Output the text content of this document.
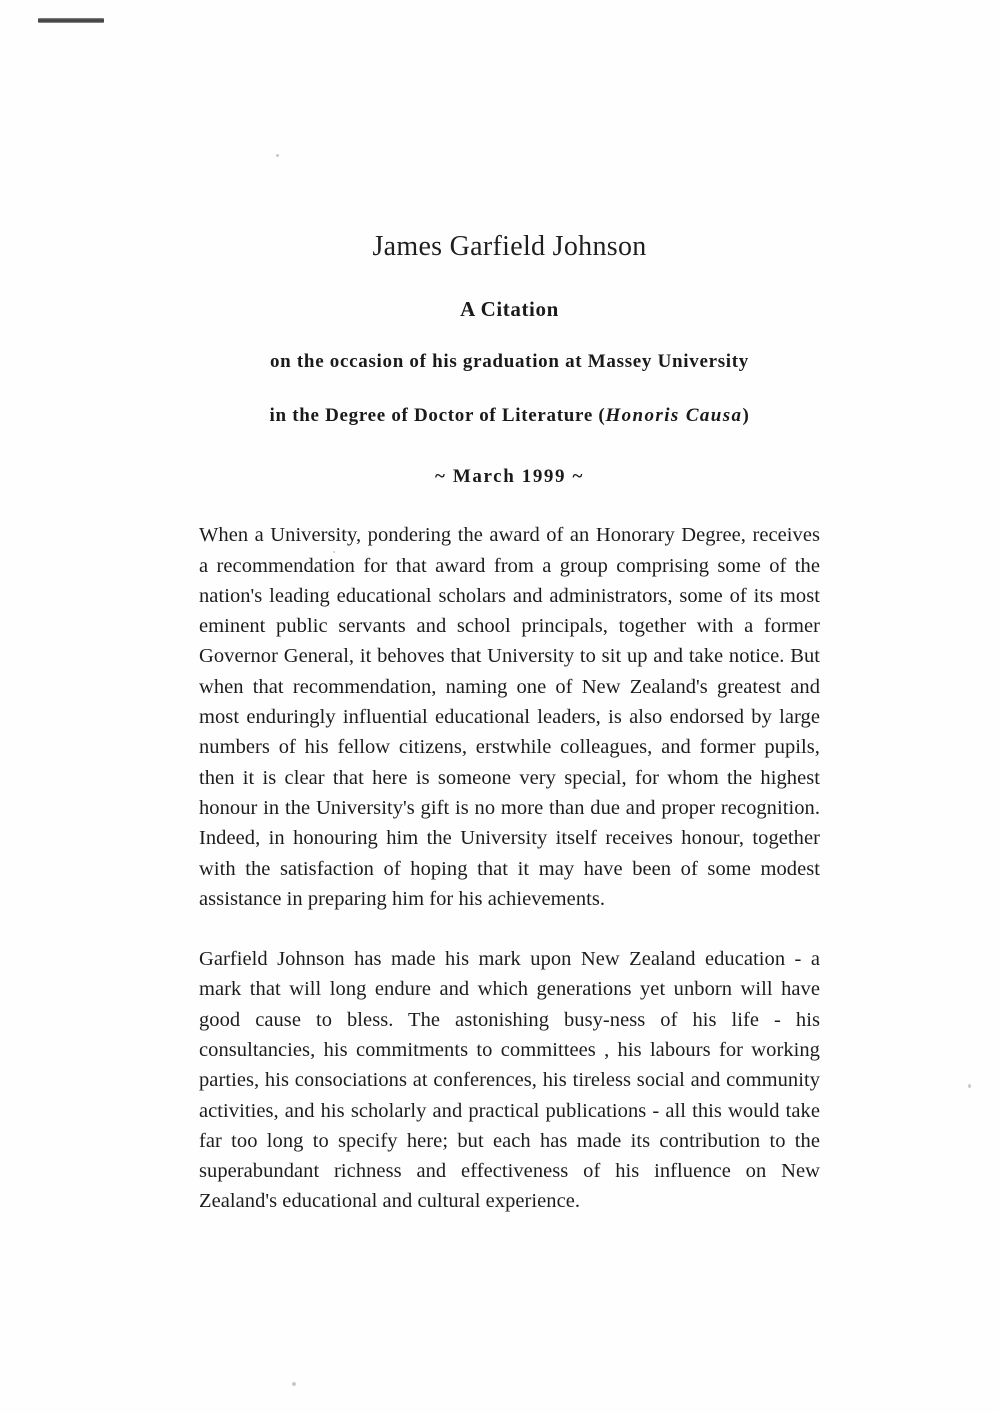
James Garfield Johnson

A Citation

on the occasion of his graduation at Massey University

in the Degree of Doctor of Literature (Honoris Causa)

~ March 1999 ~

When a University, pondering the award of an Honorary Degree, receives a recommendation for that award from a group comprising some of the nation's leading educational scholars and administrators, some of its most eminent public servants and school principals, together with a former Governor General, it behoves that University to sit up and take notice. But when that recommendation, naming one of New Zealand's greatest and most enduringly influential educational leaders, is also endorsed by large numbers of his fellow citizens, erstwhile colleagues, and former pupils, then it is clear that here is someone very special, for whom the highest honour in the University's gift is no more than due and proper recognition. Indeed, in honouring him the University itself receives honour, together with the satisfaction of hoping that it may have been of some modest assistance in preparing him for his achievements.

Garfield Johnson has made his mark upon New Zealand education - a mark that will long endure and which generations yet unborn will have good cause to bless. The astonishing busy-ness of his life - his consultancies, his commitments to committees , his labours for working parties, his consociations at conferences, his tireless social and community activities, and his scholarly and practical publications - all this would take far too long to specify here; but each has made its contribution to the superabundant richness and effectiveness of his influence on New Zealand's educational and cultural experience.
